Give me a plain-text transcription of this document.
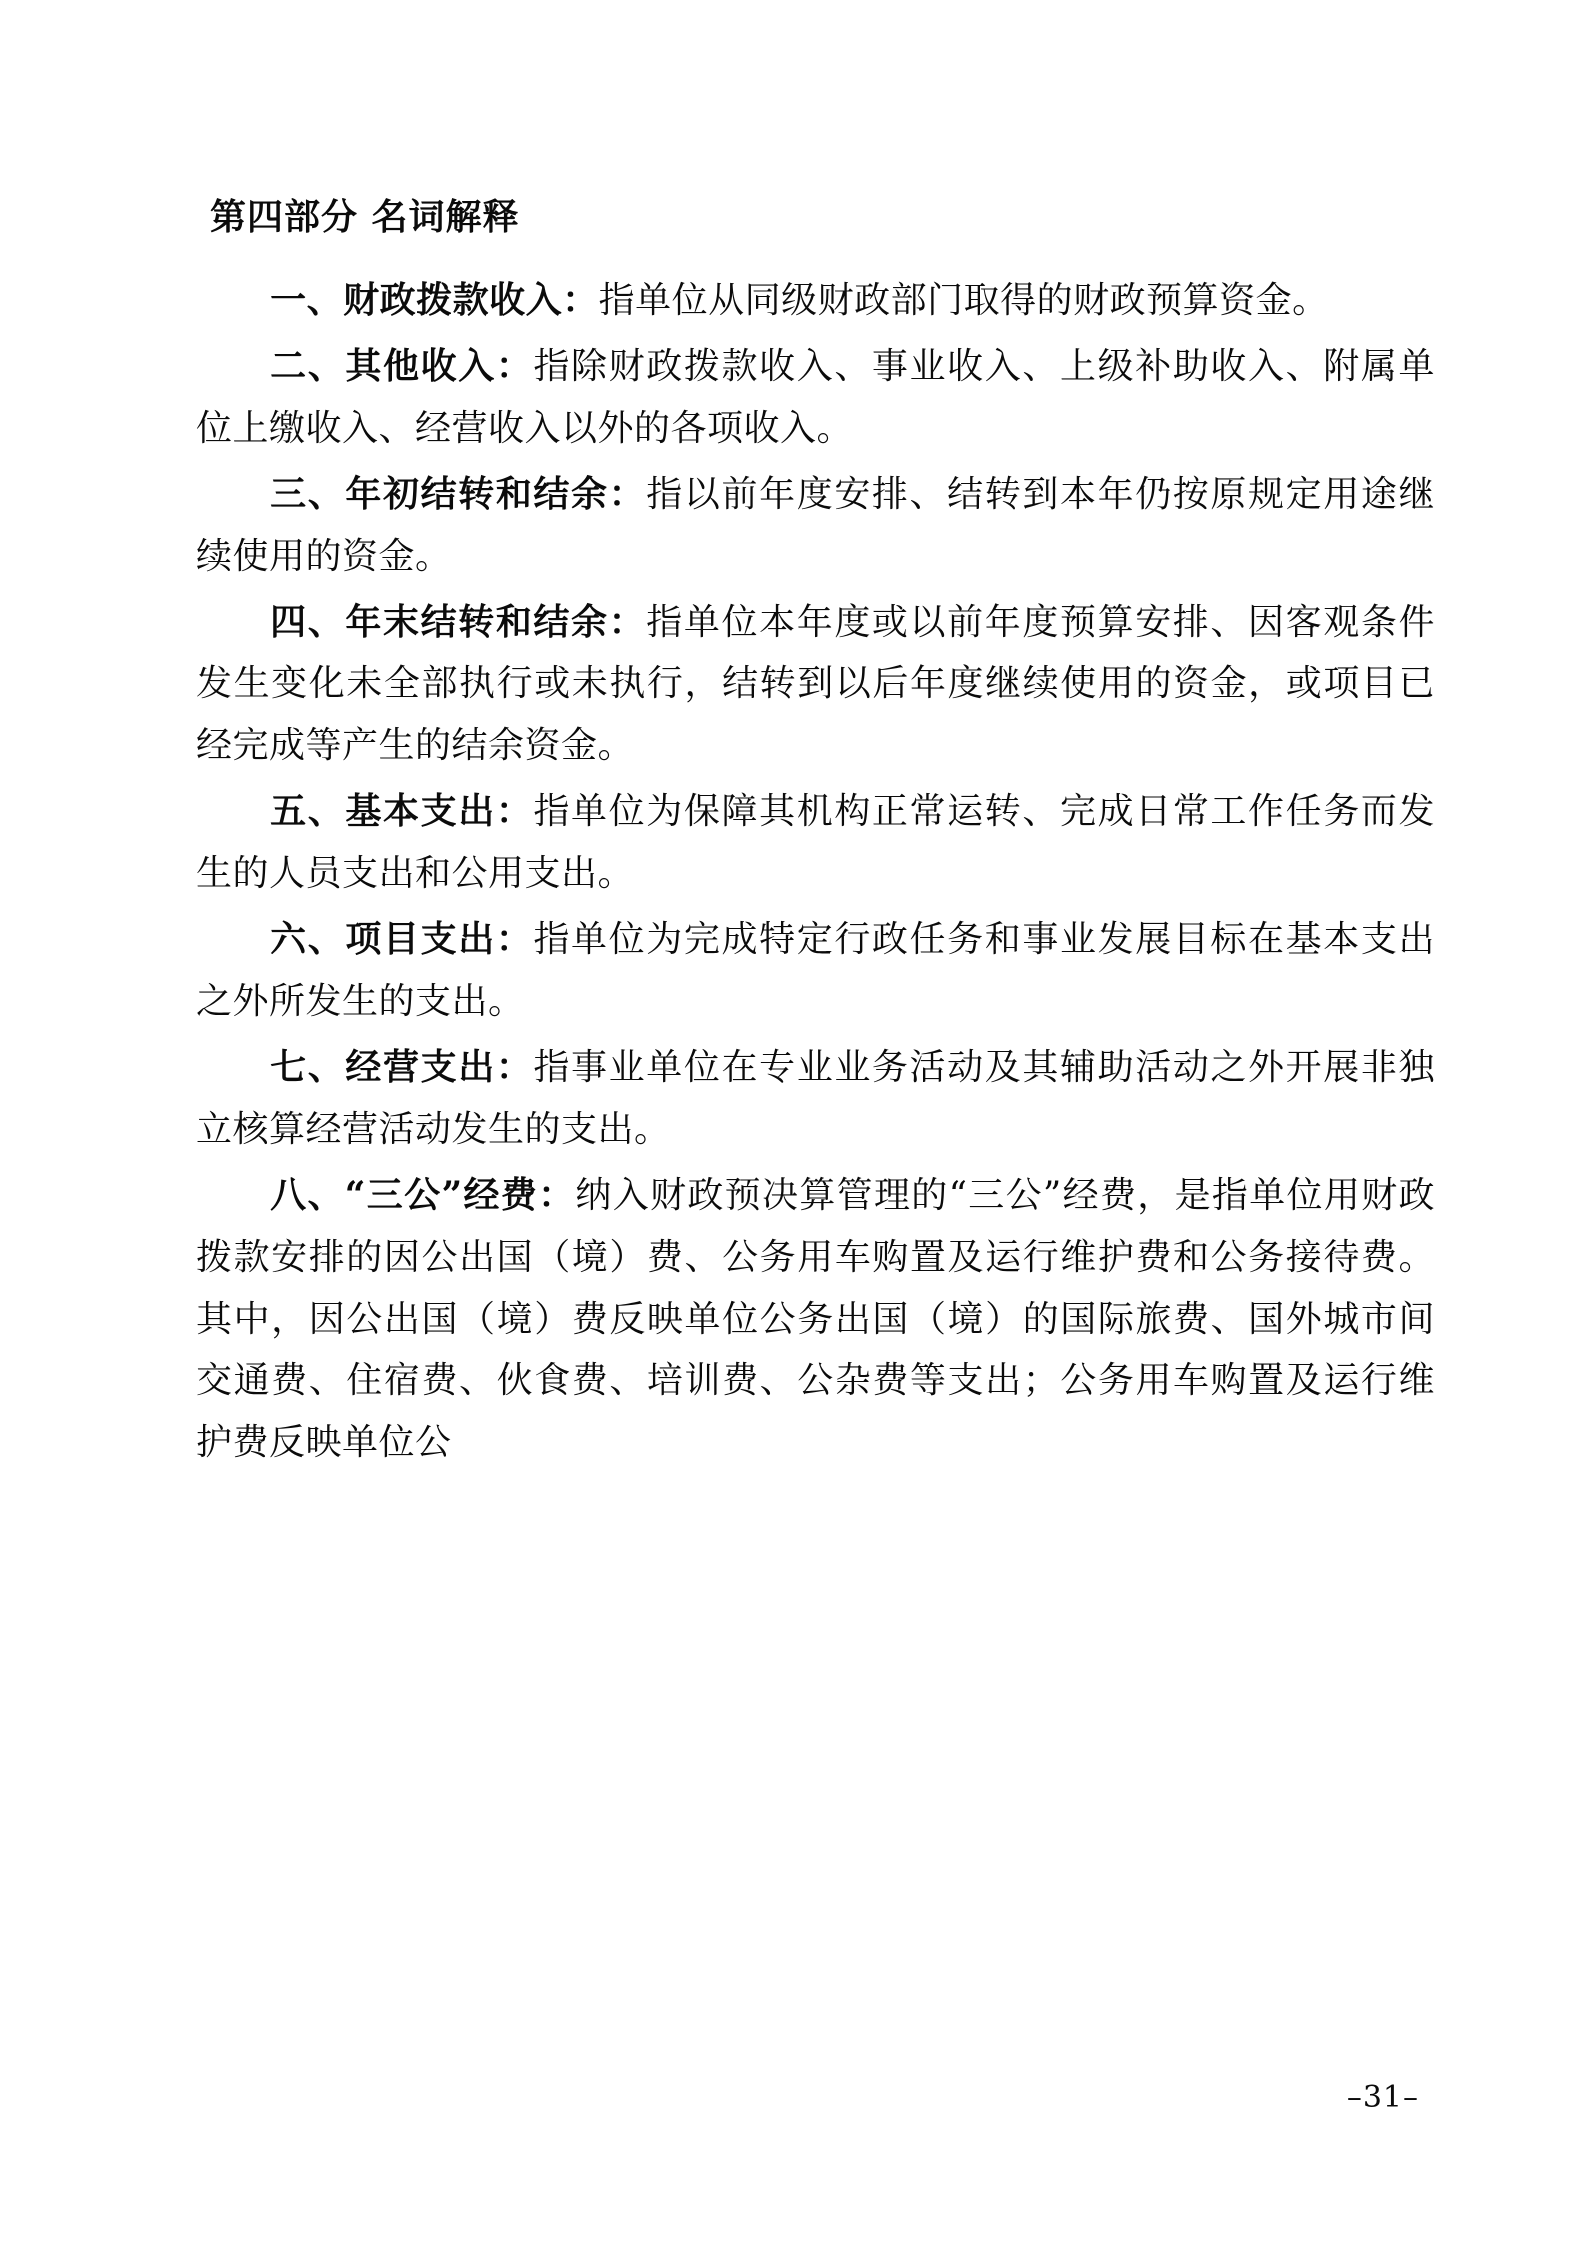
第四部分 名词解释

一、财政拨款收入：指单位从同级财政部门取得的财政预算资金。

二、其他收入：指除财政拨款收入、事业收入、上级补助收入、附属单位上缴收入、经营收入以外的各项收入。

三、年初结转和结余：指以前年度安排、结转到本年仍按原规定用途继续使用的资金。

四、年末结转和结余：指单位本年度或以前年度预算安排、因客观条件发生变化未全部执行或未执行，结转到以后年度继续使用的资金，或项目已经完成等产生的结余资金。

五、基本支出：指单位为保障其机构正常运转、完成日常工作任务而发生的人员支出和公用支出。

六、项目支出：指单位为完成特定行政任务和事业发展目标在基本支出之外所发生的支出。

七、经营支出：指事业单位在专业业务活动及其辅助活动之外开展非独立核算经营活动发生的支出。

八、“三公”经费：纳入财政预决算管理的“三公”经费，是指单位用财政拨款安排的因公出国（境）费、公务用车购置及运行维护费和公务接待费。其中，因公出国（境）费反映单位公务出国（境）的国际旅费、国外城市间交通费、住宿费、伙食费、培训费、公杂费等支出；公务用车购置及运行维护费反映单位公

–31–
